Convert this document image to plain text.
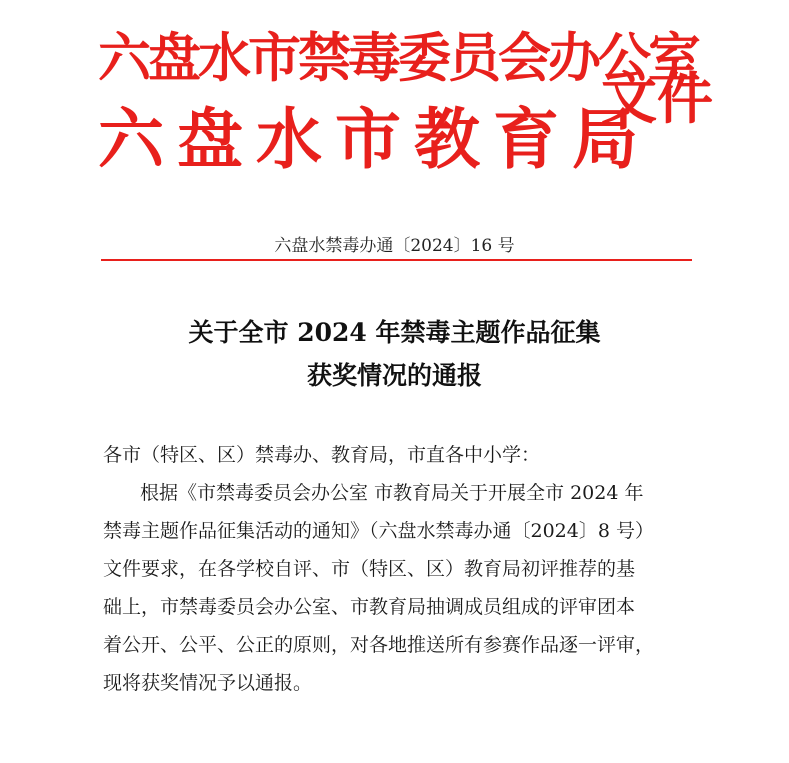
六盘水市禁毒委员会办公室
六盘水市教育局
文件
六盘水禁毒办通〔2024〕16 号
关于全市 2024 年禁毒主题作品征集
获奖情况的通报
各市（特区、区）禁毒办、教育局，市直各中小学：
根据《市禁毒委员会办公室 市教育局关于开展全市 2024 年
禁毒主题作品征集活动的通知》（六盘水禁毒办通〔2024〕8 号）
文件要求，在各学校自评、市（特区、区）教育局初评推荐的基
础上，市禁毒委员会办公室、市教育局抽调成员组成的评审团本
着公开、公平、公正的原则，对各地推送所有参赛作品逐一评审，
现将获奖情况予以通报。
